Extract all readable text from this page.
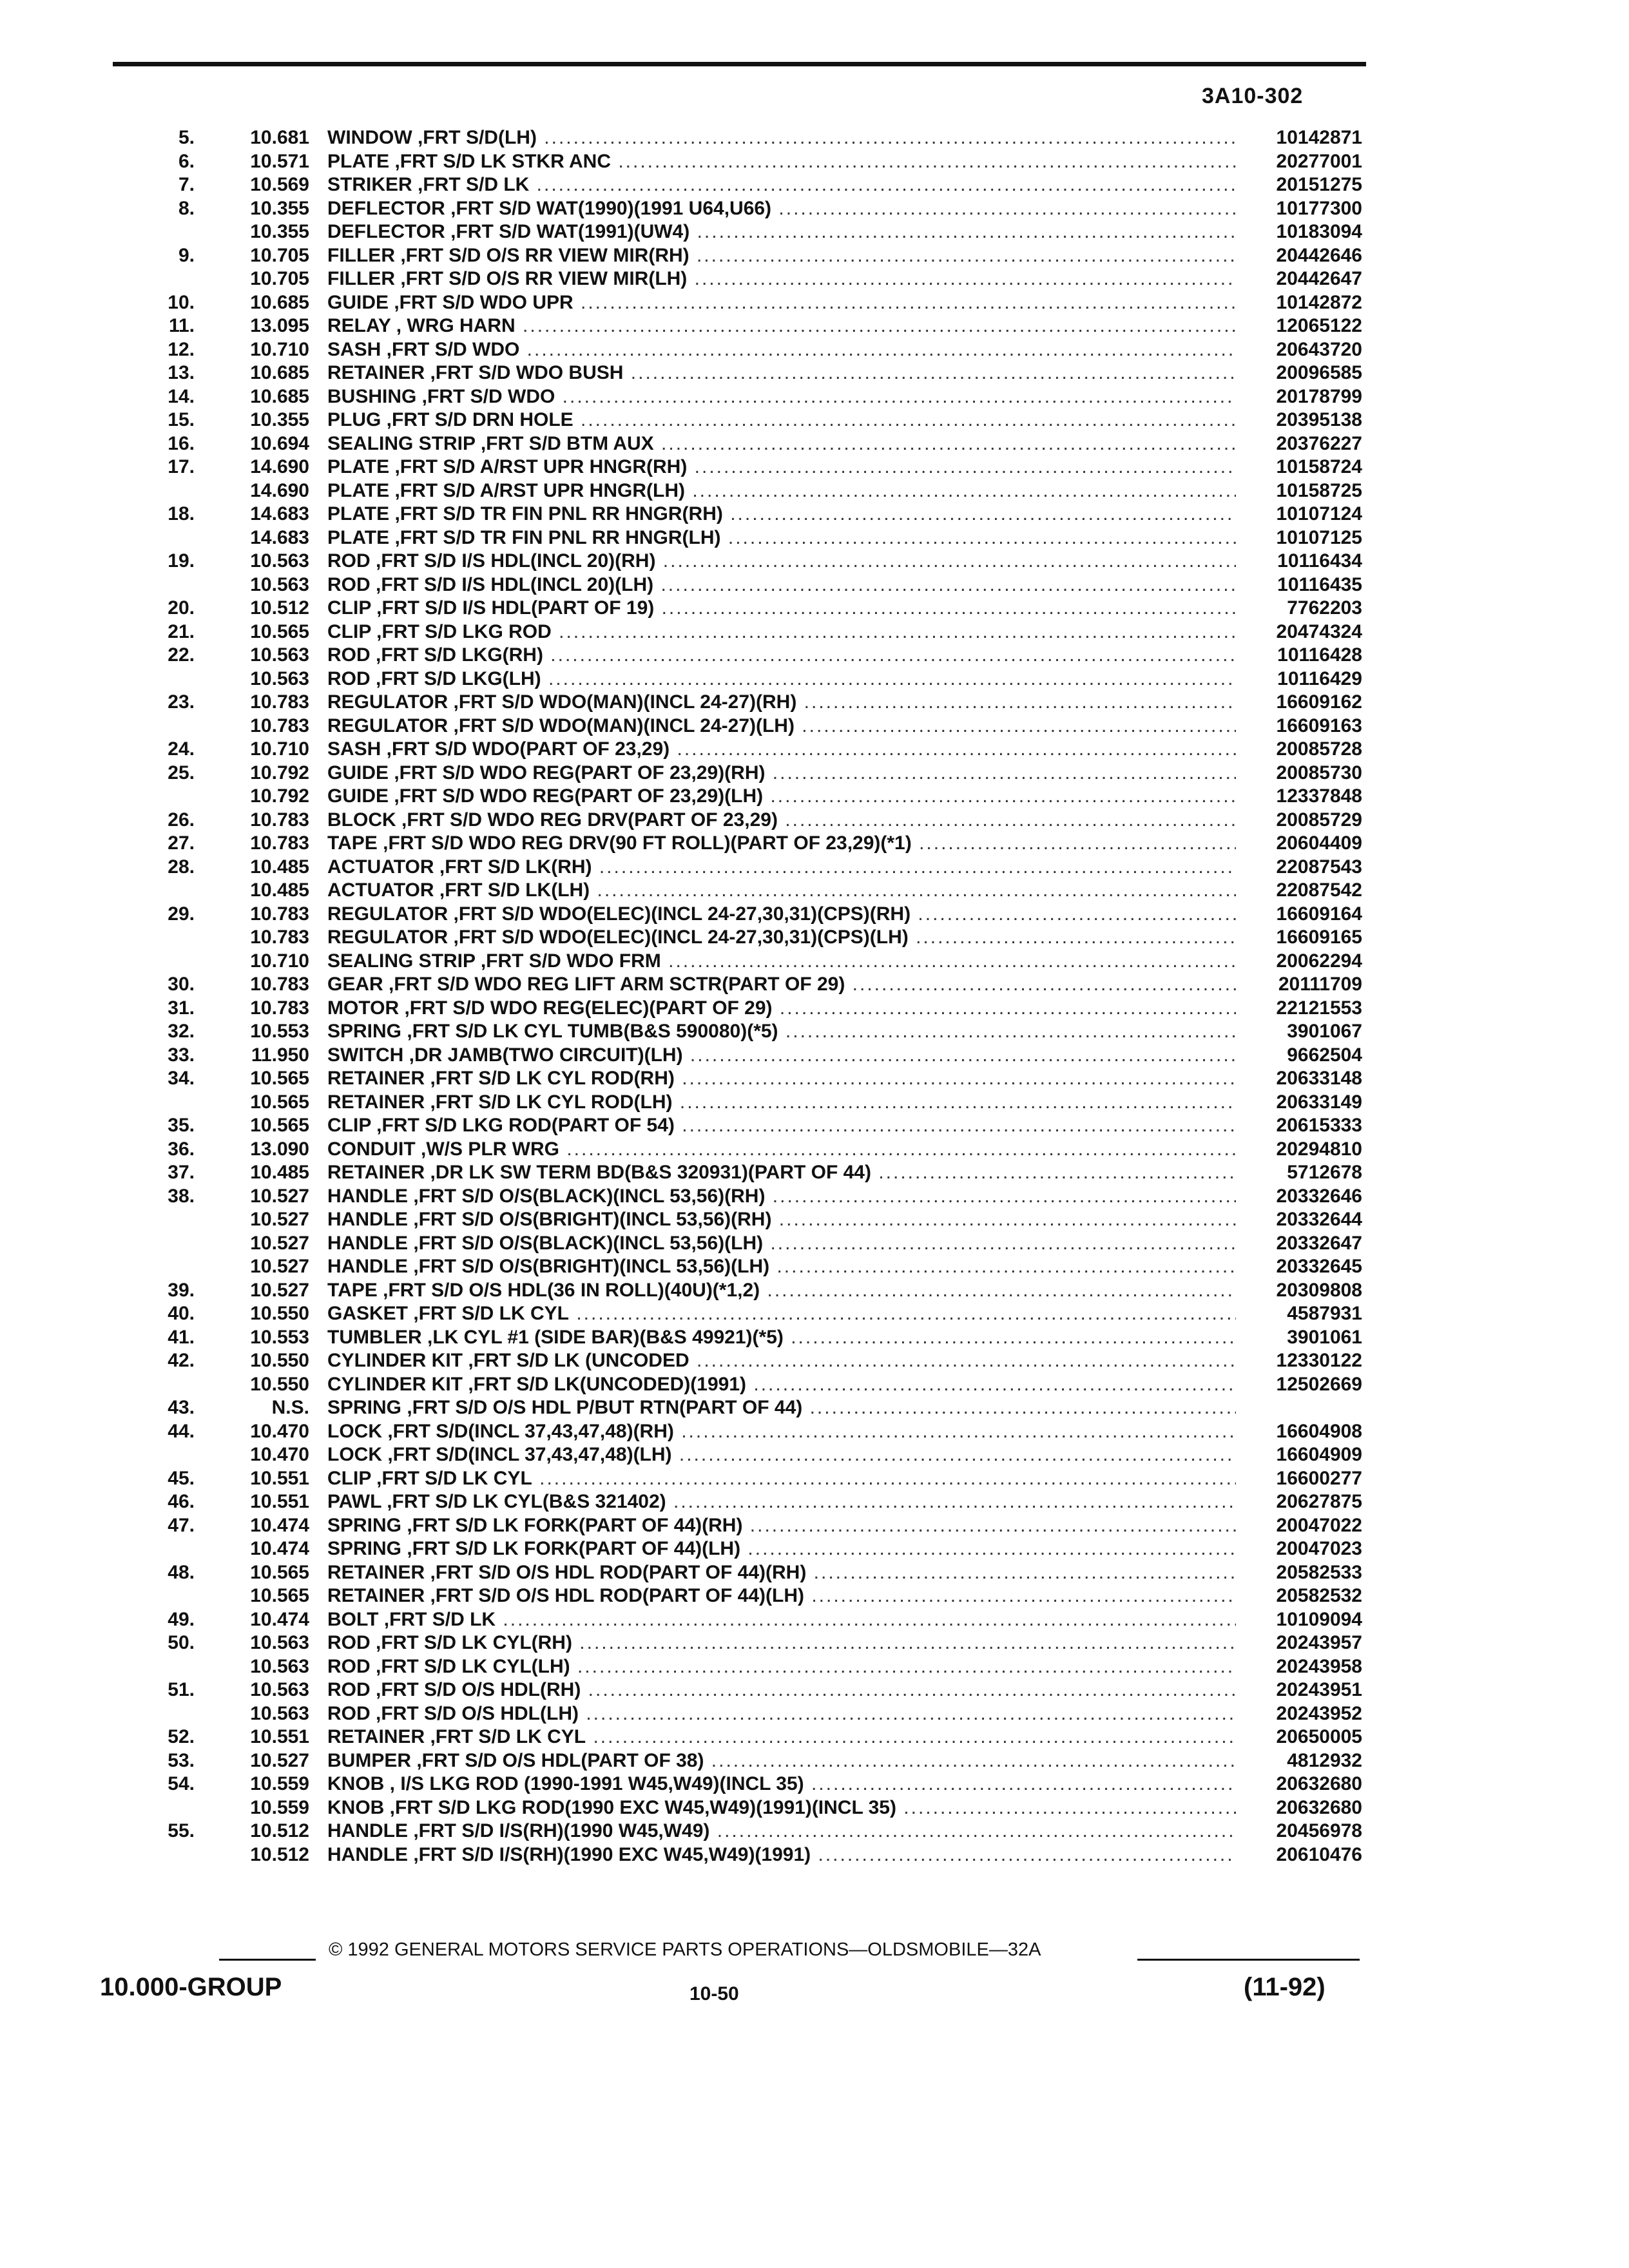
3A10-302
5.	10.681 WINDOW ,FRT S/D(LH) .....	10142871
6.	10.571 PLATE ,FRT S/D LK STKR ANC .....	20277001
7.	10.569 STRIKER ,FRT S/D LK .....	20151275
8.	10.355 DEFLECTOR ,FRT S/D WAT(1990)(1991 U64,U66) .....	10177300
10.355 DEFLECTOR ,FRT S/D WAT(1991)(UW4) .....	10183094
9.	10.705 FILLER ,FRT S/D O/S RR VIEW MIR(RH) .....	20442646
10.705 FILLER ,FRT S/D O/S RR VIEW MIR(LH) .....	20442647
10.	10.685 GUIDE ,FRT S/D WDO UPR .....	10142872
11.	13.095 RELAY , WRG HARN .....	12065122
12.	10.710 SASH ,FRT S/D WDO .....	20643720
13.	10.685 RETAINER ,FRT S/D WDO BUSH .....	20096585
14.	10.685 BUSHING ,FRT S/D WDO .....	20178799
15.	10.355 PLUG ,FRT S/D DRN HOLE .....	20395138
16.	10.694 SEALING STRIP ,FRT S/D BTM AUX .....	20376227
17.	14.690 PLATE ,FRT S/D A/RST UPR HNGR(RH) .....	10158724
14.690 PLATE ,FRT S/D A/RST UPR HNGR(LH) .....	10158725
18.	14.683 PLATE ,FRT S/D TR FIN PNL RR HNGR(RH) .....	10107124
14.683 PLATE ,FRT S/D TR FIN PNL RR HNGR(LH) .....	10107125
19.	10.563 ROD ,FRT S/D I/S HDL(INCL 20)(RH) .....	10116434
10.563 ROD ,FRT S/D I/S HDL(INCL 20)(LH) .....	10116435
20.	10.512 CLIP ,FRT S/D I/S HDL(PART OF 19) .....	7762203
21.	10.565 CLIP ,FRT S/D LKG ROD .....	20474324
22.	10.563 ROD ,FRT S/D LKG(RH) .....	10116428
10.563 ROD ,FRT S/D LKG(LH) .....	10116429
23.	10.783 REGULATOR ,FRT S/D WDO(MAN)(INCL 24-27)(RH) .....	16609162
10.783 REGULATOR ,FRT S/D WDO(MAN)(INCL 24-27)(LH) .....	16609163
24.	10.710 SASH ,FRT S/D WDO(PART OF 23,29) .....	20085728
25.	10.792 GUIDE ,FRT S/D WDO REG(PART OF 23,29)(RH) .....	20085730
10.792 GUIDE ,FRT S/D WDO REG(PART OF 23,29)(LH) .....	12337848
26.	10.783 BLOCK ,FRT S/D WDO REG DRV(PART OF 23,29) .....	20085729
27.	10.783 TAPE ,FRT S/D WDO REG DRV(90 FT ROLL)(PART OF 23,29)(*1) .....	20604409
28.	10.485 ACTUATOR ,FRT S/D LK(RH) .....	22087543
10.485 ACTUATOR ,FRT S/D LK(LH) .....	22087542
29.	10.783 REGULATOR ,FRT S/D WDO(ELEC)(INCL 24-27,30,31)(CPS)(RH) .....	16609164
10.783 REGULATOR ,FRT S/D WDO(ELEC)(INCL 24-27,30,31)(CPS)(LH) .....	16609165
10.710 SEALING STRIP ,FRT S/D WDO FRM .....	20062294
30.	10.783 GEAR ,FRT S/D WDO REG LIFT ARM SCTR(PART OF 29) .....	20111709
31.	10.783 MOTOR ,FRT S/D WDO REG(ELEC)(PART OF 29) .....	22121553
32.	10.553 SPRING ,FRT S/D LK CYL TUMB(B&S 590080)(*5) .....	3901067
33.	11.950 SWITCH ,DR JAMB(TWO CIRCUIT)(LH) .....	9662504
34.	10.565 RETAINER ,FRT S/D LK CYL ROD(RH) .....	20633148
10.565 RETAINER ,FRT S/D LK CYL ROD(LH) .....	20633149
35.	10.565 CLIP ,FRT S/D LKG ROD(PART OF 54) .....	20615333
36.	13.090 CONDUIT ,W/S PLR WRG .....	20294810
37.	10.485 RETAINER ,DR LK SW TERM BD(B&S 320931)(PART OF 44) .....	5712678
38.	10.527 HANDLE ,FRT S/D O/S(BLACK)(INCL 53,56)(RH) .....	20332646
10.527 HANDLE ,FRT S/D O/S(BRIGHT)(INCL 53,56)(RH) .....	20332644
10.527 HANDLE ,FRT S/D O/S(BLACK)(INCL 53,56)(LH) .....	20332647
10.527 HANDLE ,FRT S/D O/S(BRIGHT)(INCL 53,56)(LH) .....	20332645
39.	10.527 TAPE ,FRT S/D O/S HDL(36 IN ROLL)(40U)(*1,2) .....	20309808
40.	10.550 GASKET ,FRT S/D LK CYL .....	4587931
41.	10.553 TUMBLER ,LK CYL #1 (SIDE BAR)(B&S 49921)(*5) .....	3901061
42.	10.550 CYLINDER KIT ,FRT S/D LK (UNCODED .....	12330122
10.550 CYLINDER KIT ,FRT S/D LK(UNCODED)(1991) .....	12502669
43.	N.S. SPRING ,FRT S/D O/S HDL P/BUT RTN(PART OF 44) .....
44.	10.470 LOCK ,FRT S/D(INCL 37,43,47,48)(RH) .....	16604908
10.470 LOCK ,FRT S/D(INCL 37,43,47,48)(LH) .....	16604909
45.	10.551 CLIP ,FRT S/D LK CYL .....	16600277
46.	10.551 PAWL ,FRT S/D LK CYL(B&S 321402) .....	20627875
47.	10.474 SPRING ,FRT S/D LK FORK(PART OF 44)(RH) .....	20047022
10.474 SPRING ,FRT S/D LK FORK(PART OF 44)(LH) .....	20047023
48.	10.565 RETAINER ,FRT S/D O/S HDL ROD(PART OF 44)(RH) .....	20582533
10.565 RETAINER ,FRT S/D O/S HDL ROD(PART OF 44)(LH) .....	20582532
49.	10.474 BOLT ,FRT S/D LK .....	10109094
50.	10.563 ROD ,FRT S/D LK CYL(RH) .....	20243957
10.563 ROD ,FRT S/D LK CYL(LH) .....	20243958
51.	10.563 ROD ,FRT S/D O/S HDL(RH) .....	20243951
10.563 ROD ,FRT S/D O/S HDL(LH) .....	20243952
52.	10.551 RETAINER ,FRT S/D LK CYL .....	20650005
53.	10.527 BUMPER ,FRT S/D O/S HDL(PART OF 38) .....	4812932
54.	10.559 KNOB , I/S LKG ROD (1990-1991 W45,W49)(INCL 35) .....	20632680
10.559 KNOB ,FRT S/D LKG ROD(1990 EXC W45,W49)(1991)(INCL 35) .....	20632680
55.	10.512 HANDLE ,FRT S/D I/S(RH)(1990 W45,W49) .....	20456978
10.512 HANDLE ,FRT S/D I/S(RH)(1990 EXC W45,W49)(1991) .....	20610476
© 1992 GENERAL MOTORS SERVICE PARTS OPERATIONS—OLDSMOBILE—32A
10.000-GROUP	10-50	(11-92)
